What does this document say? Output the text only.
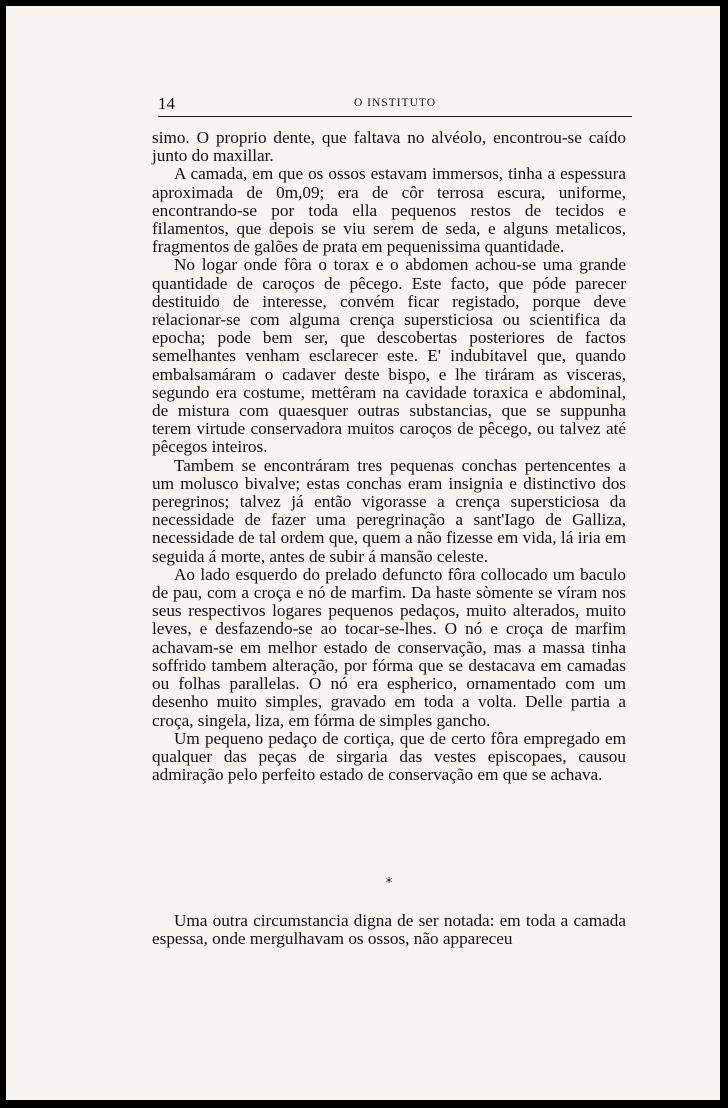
14	O INSTITUTO

simo. O proprio dente, que faltava no alvéolo, encontrou-se caído junto do maxillar.

A camada, em que os ossos estavam immersos, tinha a espessura aproximada de 0m,09; era de côr terrosa escura, uniforme, encontrando-se por toda ella pequenos restos de tecidos e filamentos, que depois se viu serem de seda, e alguns metalicos, fragmentos de galões de prata em pequenissima quantidade.

No logar onde fôra o torax e o abdomen achou-se uma grande quantidade de caroços de pêcego. Este facto, que póde parecer destituido de interesse, convém ficar registado, porque deve relacionar-se com alguma crença supersticiosa ou scientifica da epocha; pode bem ser, que descobertas posteriores de factos semelhantes venham esclarecer este. E' indubitavel que, quando embalsamáram o cadaver deste bispo, e lhe tiráram as visceras, segundo era costume, mettêram na cavidade toraxica e abdominal, de mistura com quaesquer outras substancias, que se suppunha terem virtude conservadora muitos caroços de pêcego, ou talvez até pêcegos inteiros.

Tambem se encontráram tres pequenas conchas pertencentes a um molusco bivalve; estas conchas eram insignia e distinctivo dos peregrinos; talvez já então vigorasse a crença supersticiosa da necessidade de fazer uma peregrinação a sant'Iago de Galliza, necessidade de tal ordem que, quem a não fizesse em vida, lá iria em seguida á morte, antes de subir á mansão celeste.

Ao lado esquerdo do prelado defuncto fôra collocado um baculo de pau, com a croça e nó de marfim. Da haste sòmente se víram nos seus respectivos logares pequenos pedaços, muito alterados, muito leves, e desfazendo-se ao tocar-se-lhes. O nó e croça de marfim achavam-se em melhor estado de conservação, mas a massa tinha soffrido tambem alteração, por fórma que se destacava em camadas ou folhas parallelas. O nó era espherico, ornamentado com um desenho muito simples, gravado em toda a volta. Delle partia a croça, singela, liza, em fórma de simples gancho.

Um pequeno pedaço de cortiça, que de certo fôra empregado em qualquer das peças de sirgaria das vestes episcopaes, causou admiração pelo perfeito estado de conservação em que se achava.

*

Uma outra circumstancia digna de ser notada: em toda a camada espessa, onde mergulhavam os ossos, não appareceu
